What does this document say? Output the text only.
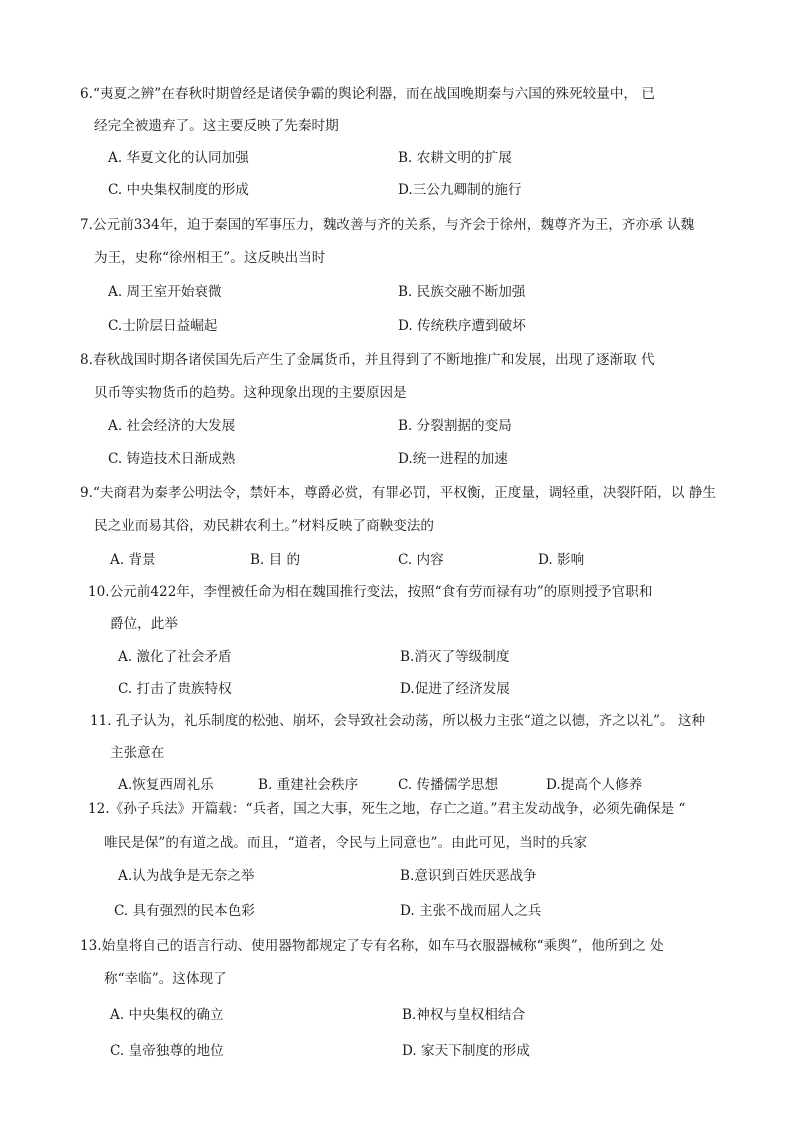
6.“夷夏之辨”在春秋时期曾经是诸侯争霸的舆论利器，而在战国晚期秦与六国的殊死较量中， 已
经完全被遗弃了。这主要反映了先秦时期
A. 华夏文化的认同加强	B. 农耕文明的扩展
C. 中央集权制度的形成	D.三公九卿制的施行
7.公元前334年，迫于秦国的军事压力，魏改善与齐的关系，与齐会于徐州，魏尊齐为王，齐亦承 认魏
为王，史称“徐州相王”。这反映出当时
A. 周王室开始衰微	B. 民族交融不断加强
C.士阶层日益崛起	D. 传统秩序遭到破坏
8.春秋战国时期各诸侯国先后产生了金属货币，并且得到了不断地推广和发展，出现了逐渐取 代
贝币等实物货币的趋势。这种现象出现的主要原因是
A. 社会经济的大发展	B. 分裂割据的变局
C. 铸造技术日渐成熟	D.统一进程的加速
9.“夫商君为秦孝公明法令，禁奸本，尊爵必赏，有罪必罚，平权衡，正度量，调轻重，决裂阡陌，以 静生
民之业而易其俗，劝民耕农利土。”材料反映了商鞅变法的
A. 背景	B. 目 的	C. 内容	D. 影响
10.公元前422年，李悝被任命为相在魏国推行变法，按照“食有劳而禄有功”的原则授予官职和
爵位，此举
A. 激化了社会矛盾	B.消灭了等级制度
C. 打击了贵族特权	D.促进了经济发展
11. 孔子认为，礼乐制度的松弛、崩坏，会导致社会动荡，所以极力主张“道之以德，齐之以礼”。 这种
主张意在
A.恢复西周礼乐	B. 重建社会秩序	C. 传播儒学思想	D.提高个人修养
12.《孙子兵法》开篇载：“兵者，国之大事，死生之地，存亡之道。”君主发动战争，必须先确保是 “
唯民是保”的有道之战。而且，“道者，令民与上同意也”。由此可见，当时的兵家
A.认为战争是无奈之举	B.意识到百姓厌恶战争
C. 具有强烈的民本色彩	D. 主张不战而屈人之兵
13.始皇将自己的语言行动、使用器物都规定了专有名称，如车马衣服器械称“乘舆”，他所到之 处
称“幸临”。这体现了
A. 中央集权的确立	B.神权与皇权相结合
C. 皇帝独尊的地位	D. 家天下制度的形成
